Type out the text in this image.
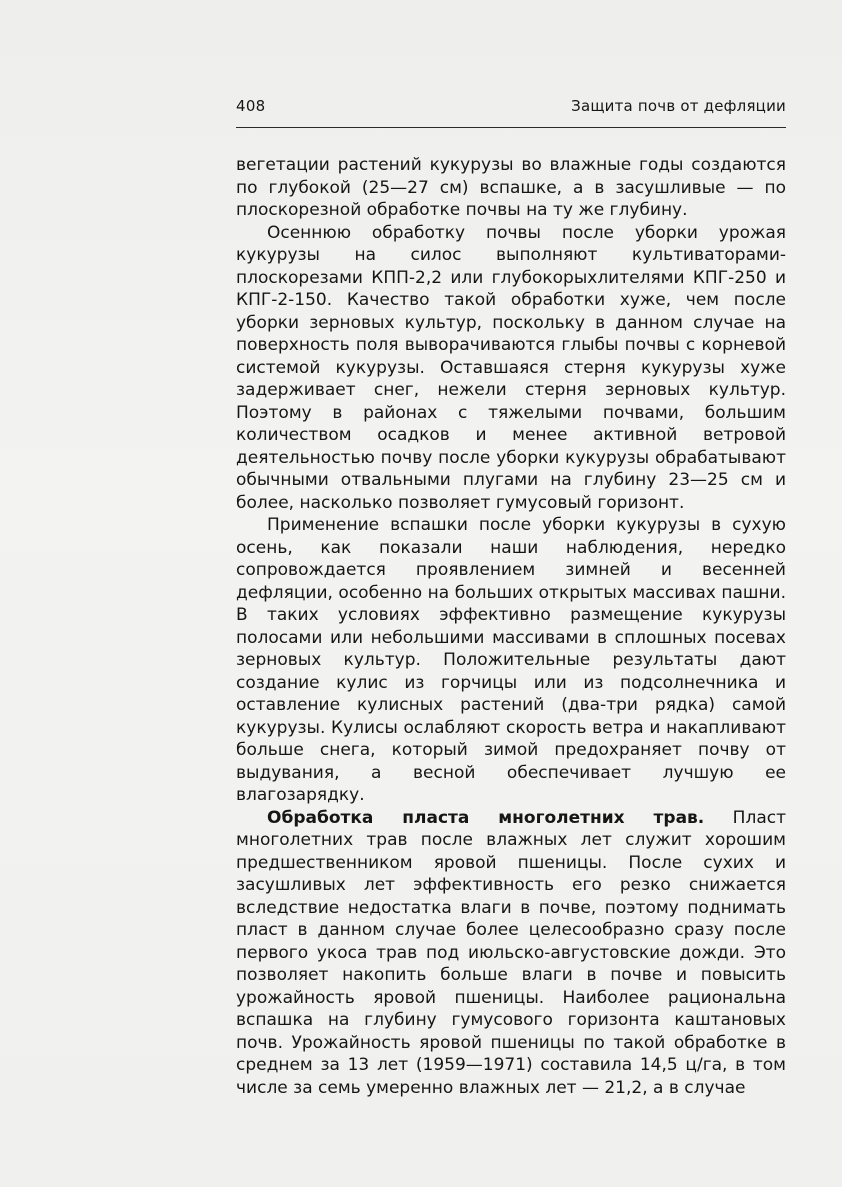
408	Защита почв от дефляции

вегетации растений кукурузы во влажные годы создаются по глубокой (25—27 см) вспашке, а в засушливые — по плоскорезной обработке почвы на ту же глубину.

Осеннюю обработку почвы после уборки урожая кукурузы на силос выполняют культиваторами-плоскорезами КПП-2,2 или глубокорыхлителями КПГ-250 и КПГ-2-150. Качество такой обработки хуже, чем после уборки зерновых культур, поскольку в данном случае на поверхность поля выворачиваются глыбы почвы с корневой системой кукурузы. Оставшаяся стерня кукурузы хуже задерживает снег, нежели стерня зерновых культур. Поэтому в районах с тяжелыми почвами, большим количеством осадков и менее активной ветровой деятельностью почву после уборки кукурузы обрабатывают обычными отвальными плугами на глубину 23—25 см и более, насколько позволяет гумусовый горизонт.

Применение вспашки после уборки кукурузы в сухую осень, как показали наши наблюдения, нередко сопровождается проявлением зимней и весенней дефляции, особенно на больших открытых массивах пашни. В таких условиях эффективно размещение кукурузы полосами или небольшими массивами в сплошных посевах зерновых культур. Положительные результаты дают создание кулис из горчицы или из подсолнечника и оставление кулисных растений (два-три рядка) самой кукурузы. Кулисы ослабляют скорость ветра и накапливают больше снега, который зимой предохраняет почву от выдувания, а весной обеспечивает лучшую ее влагозарядку.

Обработка пласта многолетних трав. Пласт многолетних трав после влажных лет служит хорошим предшественником яровой пшеницы. После сухих и засушливых лет эффективность его резко снижается вследствие недостатка влаги в почве, поэтому поднимать пласт в данном случае более целесообразно сразу после первого укоса трав под июльско-августовские дожди. Это позволяет накопить больше влаги в почве и повысить урожайность яровой пшеницы. Наиболее рациональна вспашка на глубину гумусового горизонта каштановых почв. Урожайность яровой пшеницы по такой обработке в среднем за 13 лет (1959—1971) составила 14,5 ц/га, в том числе за семь умеренно влажных лет — 21,2, а в случае
